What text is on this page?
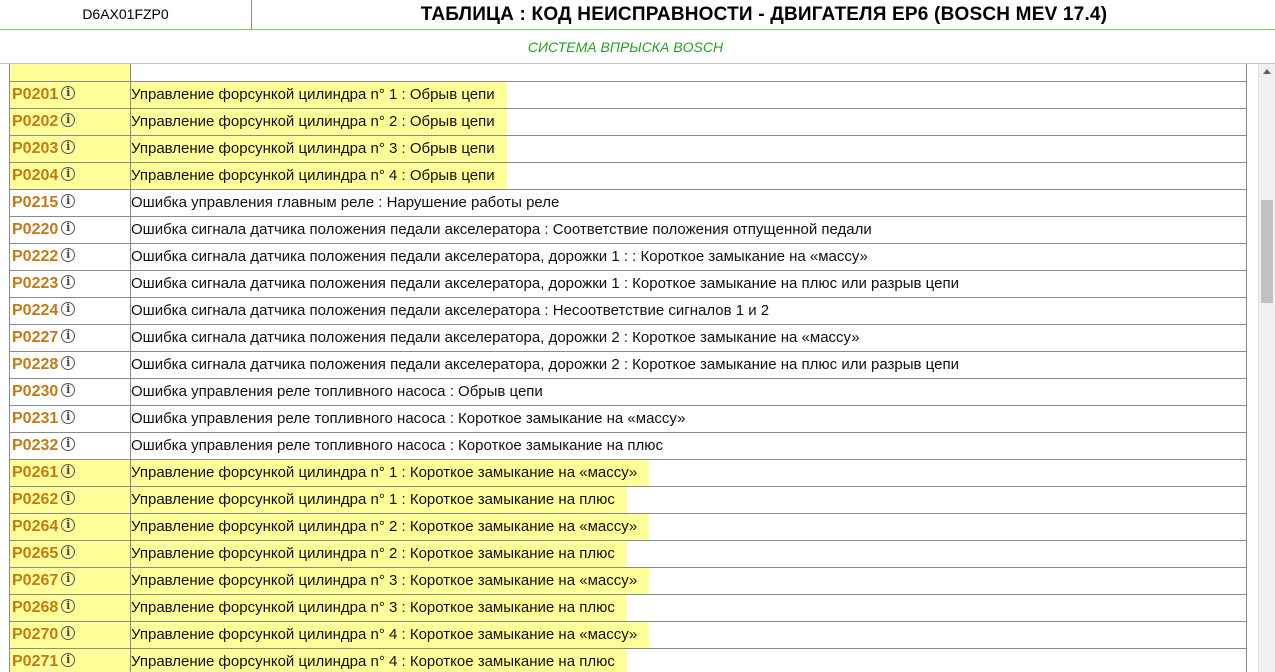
D6AX01FZP0	ТАБЛИЦА : КОД НЕИСПРАВНОСТИ - ДВИГАТЕЛЯ EP6 (BOSCH MEV 17.4)
СИСТЕМА ВПРЫСКА BOSCH

P0201 i	Управление форсункой цилиндра n° 1 : Обрыв цепи
P0202 i	Управление форсункой цилиндра n° 2 : Обрыв цепи
P0203 i	Управление форсункой цилиндра n° 3 : Обрыв цепи
P0204 i	Управление форсункой цилиндра n° 4 : Обрыв цепи
P0215 i	Ошибка управления главным реле : Нарушение работы реле
P0220 i	Ошибка сигнала датчика положения педали акселератора : Соответствие положения отпущенной педали
P0222 i	Ошибка сигнала датчика положения педали акселератора, дорожки 1 : : Короткое замыкание на «массу»
P0223 i	Ошибка сигнала датчика положения педали акселератора, дорожки 1 : Короткое замыкание на плюс или разрыв цепи
P0224 i	Ошибка сигнала датчика положения педали акселератора : Несоответствие сигналов 1 и 2
P0227 i	Ошибка сигнала датчика положения педали акселератора, дорожки 2 : Короткое замыкание на «массу»
P0228 i	Ошибка сигнала датчика положения педали акселератора, дорожки 2 : Короткое замыкание на плюс или разрыв цепи
P0230 i	Ошибка управления реле топливного насоса : Обрыв цепи
P0231 i	Ошибка управления реле топливного насоса : Короткое замыкание на «массу»
P0232 i	Ошибка управления реле топливного насоса : Короткое замыкание на плюс
P0261 i	Управление форсункой цилиндра n° 1 : Короткое замыкание на «массу»
P0262 i	Управление форсункой цилиндра n° 1 : Короткое замыкание на плюс
P0264 i	Управление форсункой цилиндра n° 2 : Короткое замыкание на «массу»
P0265 i	Управление форсункой цилиндра n° 2 : Короткое замыкание на плюс
P0267 i	Управление форсункой цилиндра n° 3 : Короткое замыкание на «массу»
P0268 i	Управление форсункой цилиндра n° 3 : Короткое замыкание на плюс
P0270 i	Управление форсункой цилиндра n° 4 : Короткое замыкание на «массу»
P0271 i	Управление форсункой цилиндра n° 4 : Короткое замыкание на плюс
